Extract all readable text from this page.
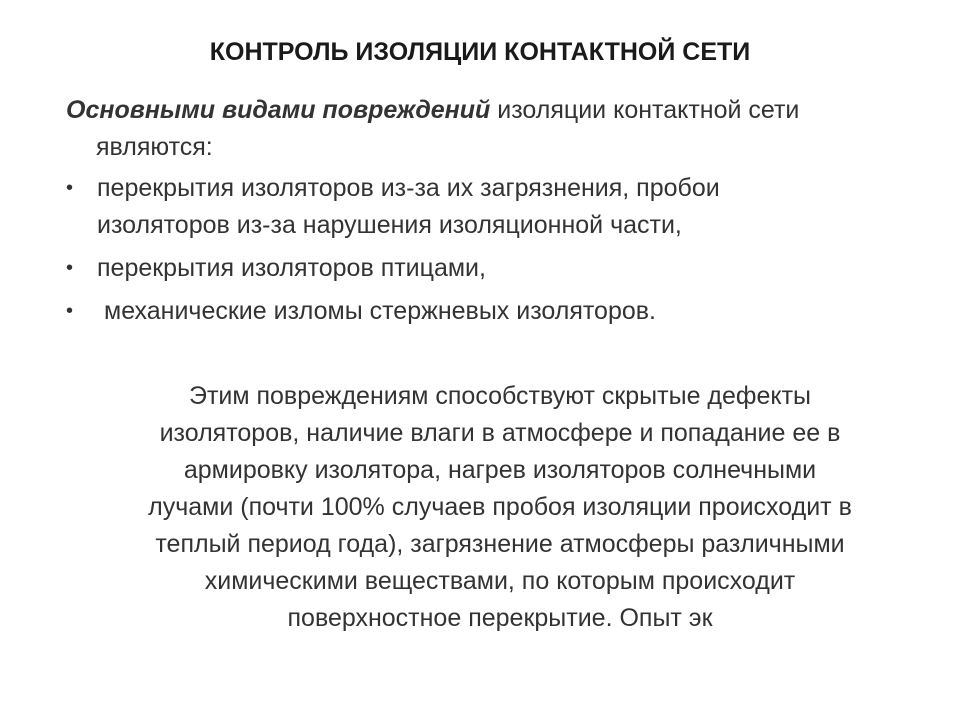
КОНТРОЛЬ ИЗОЛЯЦИИ КОНТАКТНОЙ СЕТИ
Основными видами повреждений изоляции контактной сети
являются:
• перекрытия изоляторов из-за их загрязнения, пробои
изоляторов из-за нарушения изоляционной части,
• перекрытия изоляторов птицами,
• механические изломы стержневых изоляторов.
Этим повреждениям способствуют скрытые дефекты
изоляторов, наличие влаги в атмосфере и попадание ее в
армировку изолятора, нагрев изоляторов солнечными
лучами (почти 100% случаев пробоя изоляции происходит в
теплый период года), загрязнение атмосферы различными
химическими веществами, по которым происходит
поверхностное перекрытие. Опыт эк
